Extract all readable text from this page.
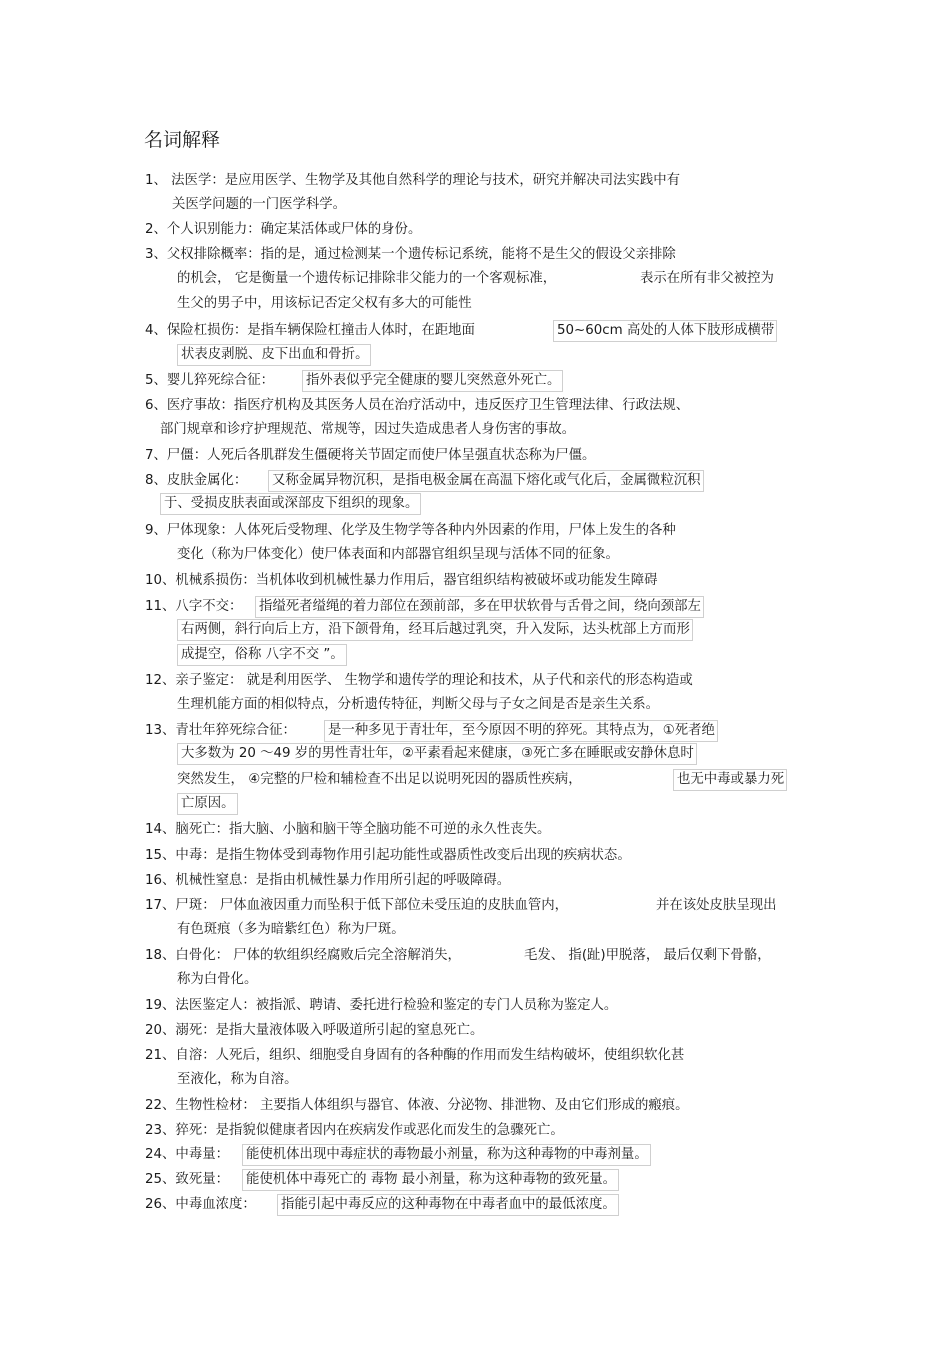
名词解释
1、 法医学：是应用医学、生物学及其他自然科学的理论与技术，研究并解决司法实践中有
关医学问题的一门医学科学。
2、个人识别能力：确定某活体或尸体的身份。
3、父权排除概率：指的是，通过检测某一个遗传标记系统，能将不是生父的假设父亲排除
的机会， 它是衡量一个遗传标记排除非父能力的一个客观标准，	表示在所有非父被控为
生父的男子中，用该标记否定父权有多大的可能性
4、保险杠损伤：是指车辆保险杠撞击人体时，在距地面	50~60cm 高处的人体下肢形成横带
状表皮剥脱、皮下出血和骨折。
5、婴儿猝死综合征： 指外表似乎完全健康的婴儿突然意外死亡。
6、医疗事故：指医疗机构及其医务人员在治疗活动中，违反医疗卫生管理法律、行政法规、
部门规章和诊疗护理规范、常规等，因过失造成患者人身伤害的事故。
7、尸僵：人死后各肌群发生僵硬将关节固定而使尸体呈强直状态称为尸僵。
8、皮肤金属化： 又称金属异物沉积，是指电极金属在高温下熔化或气化后，金属微粒沉积
于、受损皮肤表面或深部皮下组织的现象。
9、尸体现象：人体死后受物理、化学及生物学等各种内外因素的作用，尸体上发生的各种
变化（称为尸体变化）使尸体表面和内部器官组织呈现与活体不同的征象。
10、机械系损伤：当机体收到机械性暴力作用后，器官组织结构被破坏或功能发生障碍
11、八字不交： 指缢死者缢绳的着力部位在颈前部，多在甲状软骨与舌骨之间，绕向颈部左
右两侧，斜行向后上方，沿下颌骨角，经耳后越过乳突，升入发际，达头枕部上方而形
成提空，俗称 八字不交 ”。
12、亲子鉴定： 就是利用医学、 生物学和遗传学的理论和技术，从子代和亲代的形态构造或
生理机能方面的相似特点，分析遗传特征，判断父母与子女之间是否是亲生关系。
13、青壮年猝死综合征： 是一种多见于青壮年，至今原因不明的猝死。其特点为，①死者绝
大多数为 20 ～49 岁的男性青壮年，②平素看起来健康，③死亡多在睡眠或安静休息时
突然发生， ④完整的尸检和辅检查不出足以说明死因的器质性疾病，	也无中毒或暴力死
亡原因。
14、脑死亡：指大脑、小脑和脑干等全脑功能不可逆的永久性丧失。
15、中毒：是指生物体受到毒物作用引起功能性或器质性改变后出现的疾病状态。
16、机械性窒息：是指由机械性暴力作用所引起的呼吸障碍。
17、尸斑： 尸体血液因重力而坠积于低下部位未受压迫的皮肤血管内，	并在该处皮肤呈现出
有色斑痕（多为暗紫红色）称为尸斑。
18、白骨化： 尸体的软组织经腐败后完全溶解消失，	毛发、 指(趾)甲脱落， 最后仅剩下骨骼，
称为白骨化。
19、法医鉴定人：被指派、聘请、委托进行检验和鉴定的专门人员称为鉴定人。
20、溺死：是指大量液体吸入呼吸道所引起的窒息死亡。
21、自溶：人死后，组织、细胞受自身固有的各种酶的作用而发生结构破坏，使组织软化甚
至液化，称为自溶。
22、生物性检材： 主要指人体组织与器官、体液、分泌物、排泄物、及由它们形成的瘢痕。
23、猝死：是指貌似健康者因内在疾病发作或恶化而发生的急骤死亡。
24、中毒量： 能使机体出现中毒症状的毒物最小剂量，称为这种毒物的中毒剂量。
25、致死量： 能使机体中毒死亡的 毒物 最小剂量，称为这种毒物的致死量。
26、中毒血浓度： 指能引起中毒反应的这种毒物在中毒者血中的最低浓度。
